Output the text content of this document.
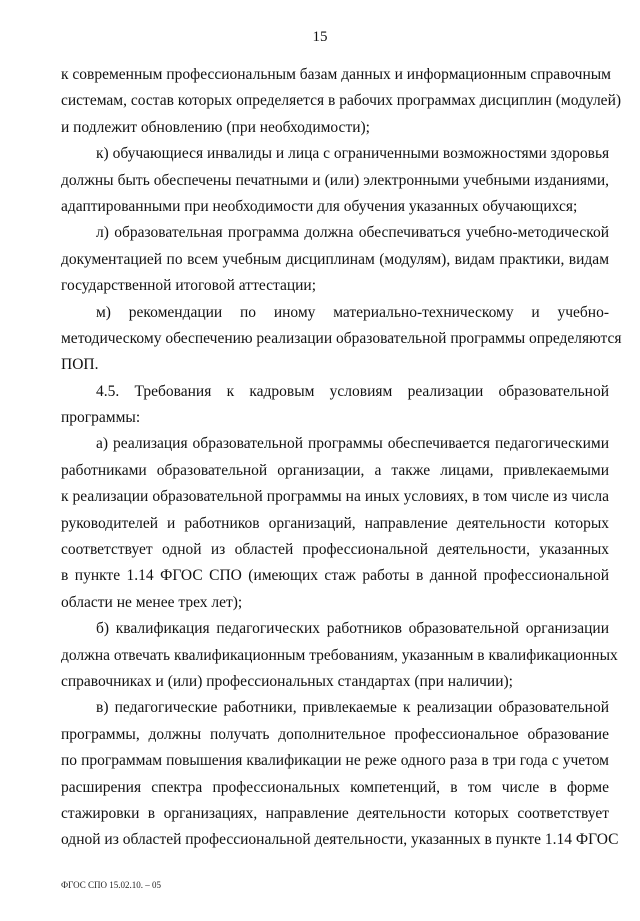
15
к современным профессиональным базам данных и информационным справочным
системам, состав которых определяется в рабочих программах дисциплин (модулей)
и подлежит обновлению (при необходимости);
к) обучающиеся инвалиды и лица с ограниченными возможностями здоровья
должны быть обеспечены печатными и (или) электронными учебными изданиями,
адаптированными при необходимости для обучения указанных обучающихся;
л) образовательная программа должна обеспечиваться учебно-методической
документацией по всем учебным дисциплинам (модулям), видам практики, видам
государственной итоговой аттестации;
м) рекомендации по иному материально-техническому и учебно-
методическому обеспечению реализации образовательной программы определяются
ПОП.
4.5. Требования к кадровым условиям реализации образовательной
программы:
а) реализация образовательной программы обеспечивается педагогическими
работниками образовательной организации, а также лицами, привлекаемыми
к реализации образовательной программы на иных условиях, в том числе из числа
руководителей и работников организаций, направление деятельности которых
соответствует одной из областей профессиональной деятельности, указанных
в пункте 1.14 ФГОС СПО (имеющих стаж работы в данной профессиональной
области не менее трех лет);
б) квалификация педагогических работников образовательной организации
должна отвечать квалификационным требованиям, указанным в квалификационных
справочниках и (или) профессиональных стандартах (при наличии);
в) педагогические работники, привлекаемые к реализации образовательной
программы, должны получать дополнительное профессиональное образование
по программам повышения квалификации не реже одного раза в три года с учетом
расширения спектра профессиональных компетенций, в том числе в форме
стажировки в организациях, направление деятельности которых соответствует
одной из областей профессиональной деятельности, указанных в пункте 1.14 ФГОС
ФГОС СПО 15.02.10. – 05
